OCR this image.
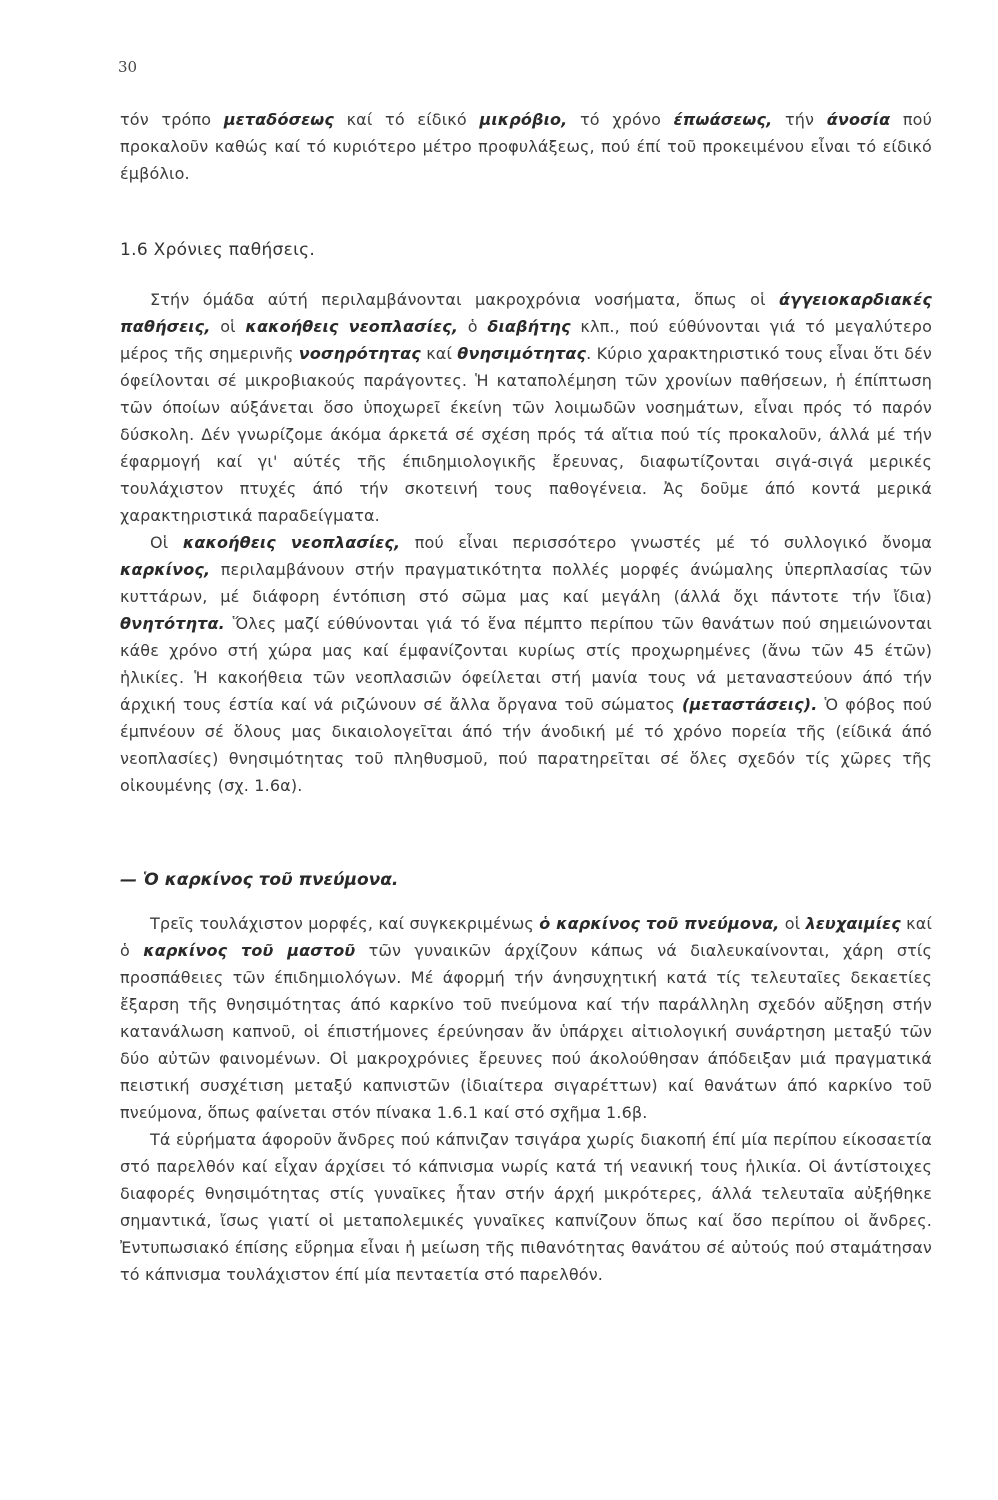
30

τόν τρόπο μεταδόσεως καί τό είδικό μικρόβιο, τό χρόνο έπωάσεως, τήν άνοσία πού προκαλοῦν καθώς καί τό κυριότερο μέτρο προφυλάξεως, πού έπί τοῦ προκειμένου εἶναι τό είδικό έμβόλιο.

1.6 Χρόνιες παθήσεις.

Στήν όμάδα αύτή περιλαμβάνονται μακροχρόνια νοσήματα, ὅπως οἱ άγγειοκαρδιακές παθήσεις, οἱ κακοήθεις νεοπλασίες, ὁ διαβήτης κλπ., πού εύθύνονται γιά τό μεγαλύτερο μέρος τῆς σημερινῆς νοσηρότητας καί θνησιμότητας. Κύριο χαρακτηριστικό τους εἶναι ὅτι δέν όφείλονται σέ μικροβιακούς παράγοντες. Ἡ καταπολέμηση τῶν χρονίων παθήσεων, ἡ έπίπτωση τῶν όποίων αύξάνεται ὅσο ὑποχωρεῖ έκείνη τῶν λοιμωδῶν νοσημάτων, εἶναι πρός τό παρόν δύσκολη. Δέν γνωρίζομε άκόμα άρκετά σέ σχέση πρός τά αἴτια πού τίς προκαλοῦν, άλλά μέ τήν έφαρμογή καί γι' αύτές τῆς έπιδημιολογικῆς ἔρευνας, διαφωτίζονται σιγά-σιγά μερικές τουλάχιστον πτυχές άπό τήν σκοτεινή τους παθογένεια. Ἀς δοῦμε άπό κοντά μερικά χαρακτηριστικά παραδείγματα.

Οἱ κακοήθεις νεοπλασίες, πού εἶναι περισσότερο γνωστές μέ τό συλλογικό ὄνομα καρκίνος, περιλαμβάνουν στήν πραγματικότητα πολλές μορφές άνώμαλης ὑπερπλασίας τῶν κυττάρων, μέ διάφορη έντόπιση στό σῶμα μας καί μεγάλη (άλλά ὄχι πάντοτε τήν ἴδια) θνητότητα. Ὅλες μαζί εύθύνονται γιά τό ἕνα πέμπτο περίπου τῶν θανάτων πού σημειώνονται κάθε χρόνο στή χώρα μας καί έμφανίζονται κυρίως στίς προχωρημένες (ἄνω τῶν 45 έτῶν) ἡλικίες. Ἡ κακοήθεια τῶν νεοπλασιῶν όφείλεται στή μανία τους νά μεταναστεύουν άπό τήν άρχική τους έστία καί νά ριζώνουν σέ ἄλλα ὄργανα τοῦ σώματος (μεταστάσεις). Ὁ φόβος πού έμπνέουν σέ ὅλους μας δικαιολογεῖται άπό τήν άνοδική μέ τό χρόνο πορεία τῆς (είδικά άπό νεοπλασίες) θνησιμότητας τοῦ πληθυσμοῦ, πού παρατηρεῖται σέ ὅλες σχεδόν τίς χῶρες τῆς οἰκουμένης (σχ. 1.6α).

— Ὁ καρκίνος τοῦ πνεύμονα.

Τρεῖς τουλάχιστον μορφές, καί συγκεκριμένως ὁ καρκίνος τοῦ πνεύμονα, οἱ λευχαιμίες καί ὁ καρκίνος τοῦ μαστοῦ τῶν γυναικῶν άρχίζουν κάπως νά διαλευκαίνονται, χάρη στίς προσπάθειες τῶν έπιδημιολόγων. Μέ άφορμή τήν άνησυχητική κατά τίς τελευταῖες δεκαετίες ἔξαρση τῆς θνησιμότητας άπό καρκίνο τοῦ πνεύμονα καί τήν παράλληλη σχεδόν αὔξηση στήν κατανάλωση καπνοῦ, οἱ έπιστήμονες έρεύνησαν ἄν ὑπάρχει αἰτιολογική συνάρτηση μεταξύ τῶν δύο αὐτῶν φαινομένων. Οἱ μακροχρόνιες ἔρευνες πού άκολούθησαν άπόδειξαν μιά πραγματικά πειστική συσχέτιση μεταξύ καπνιστῶν (ἰδιαίτερα σιγαρέττων) καί θανάτων άπό καρκίνο τοῦ πνεύμονα, ὅπως φαίνεται στόν πίνακα 1.6.1 καί στό σχῆμα 1.6β.

Τά εὑρήματα άφοροῦν ἄνδρες πού κάπνιζαν τσιγάρα χωρίς διακοπή έπί μία περίπου είκοσαετία στό παρελθόν καί εἶχαν άρχίσει τό κάπνισμα νωρίς κατά τή νεανική τους ἡλικία. Οἱ άντίστοιχες διαφορές θνησιμότητας στίς γυναῖκες ἦταν στήν άρχή μικρότερες, άλλά τελευταῖα αὐξήθηκε σημαντικά, ἴσως γιατί οἱ μεταπολεμικές γυναῖκες καπνίζουν ὅπως καί ὅσο περίπου οἱ ἄνδρες. Ἐντυπωσιακό έπίσης εὕρημα εἶναι ἡ μείωση τῆς πιθανότητας θανάτου σέ αὐτούς πού σταμάτησαν τό κάπνισμα τουλάχιστον έπί μία πενταετία στό παρελθόν.
